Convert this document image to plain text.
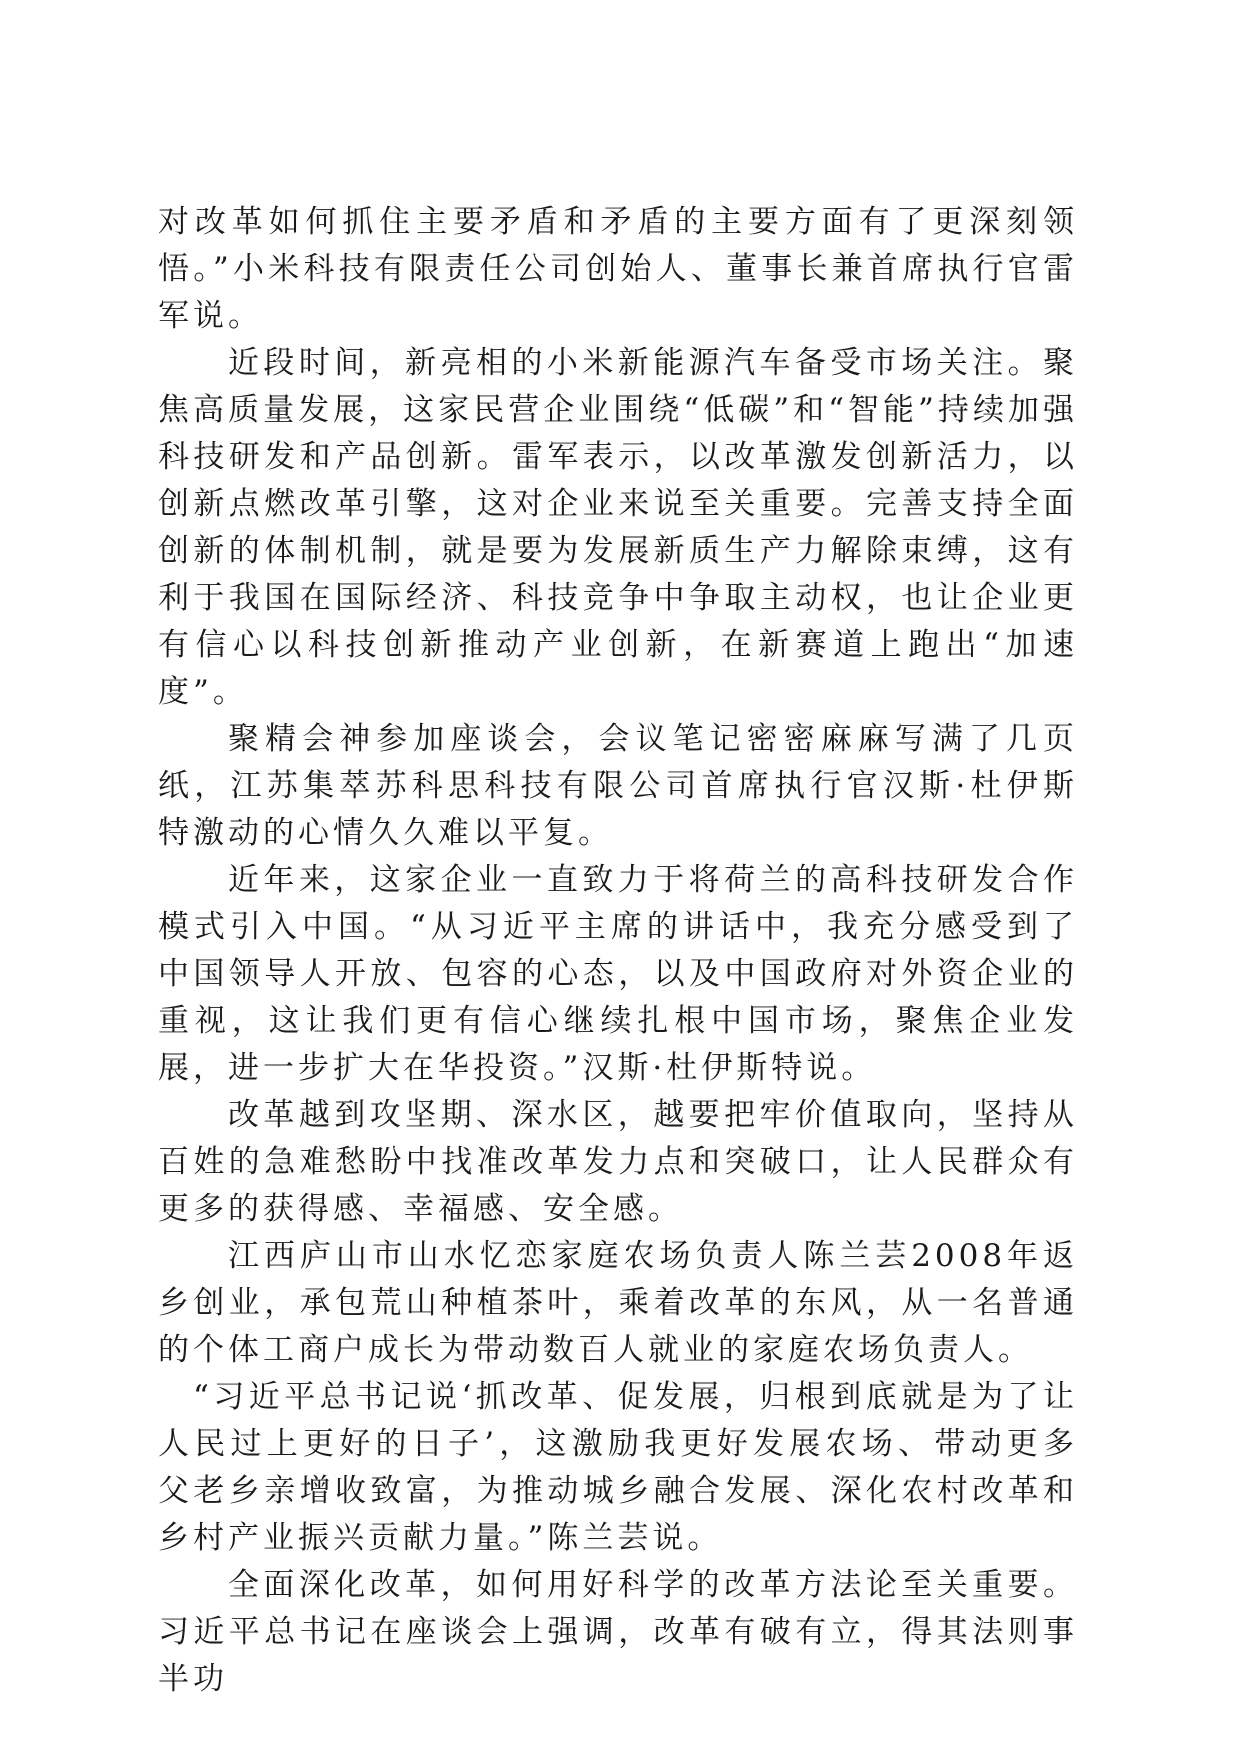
对改革如何抓住主要矛盾和矛盾的主要方面有了更深刻领悟。”小米科技有限责任公司创始人、董事长兼首席执行官雷军说。

近段时间，新亮相的小米新能源汽车备受市场关注。聚焦高质量发展，这家民营企业围绕“低碳”和“智能”持续加强科技研发和产品创新。雷军表示，以改革激发创新活力，以创新点燃改革引擎，这对企业来说至关重要。完善支持全面创新的体制机制，就是要为发展新质生产力解除束缚，这有利于我国在国际经济、科技竞争中争取主动权，也让企业更有信心以科技创新推动产业创新，在新赛道上跑出“加速度”。

聚精会神参加座谈会，会议笔记密密麻麻写满了几页纸，江苏集萃苏科思科技有限公司首席执行官汉斯·杜伊斯特激动的心情久久难以平复。

近年来，这家企业一直致力于将荷兰的高科技研发合作模式引入中国。“从习近平主席的讲话中，我充分感受到了中国领导人开放、包容的心态，以及中国政府对外资企业的重视，这让我们更有信心继续扎根中国市场，聚焦企业发展，进一步扩大在华投资。”汉斯·杜伊斯特说。

改革越到攻坚期、深水区，越要把牢价值取向，坚持从百姓的急难愁盼中找准改革发力点和突破口，让人民群众有更多的获得感、幸福感、安全感。

江西庐山市山水忆恋家庭农场负责人陈兰芸2008年返乡创业，承包荒山种植茶叶，乘着改革的东风，从一名普通的个体工商户成长为带动数百人就业的家庭农场负责人。

“习近平总书记说‘抓改革、促发展，归根到底就是为了让人民过上更好的日子’，这激励我更好发展农场、带动更多父老乡亲增收致富，为推动城乡融合发展、深化农村改革和乡村产业振兴贡献力量。”陈兰芸说。

全面深化改革，如何用好科学的改革方法论至关重要。习近平总书记在座谈会上强调，改革有破有立，得其法则事半功
